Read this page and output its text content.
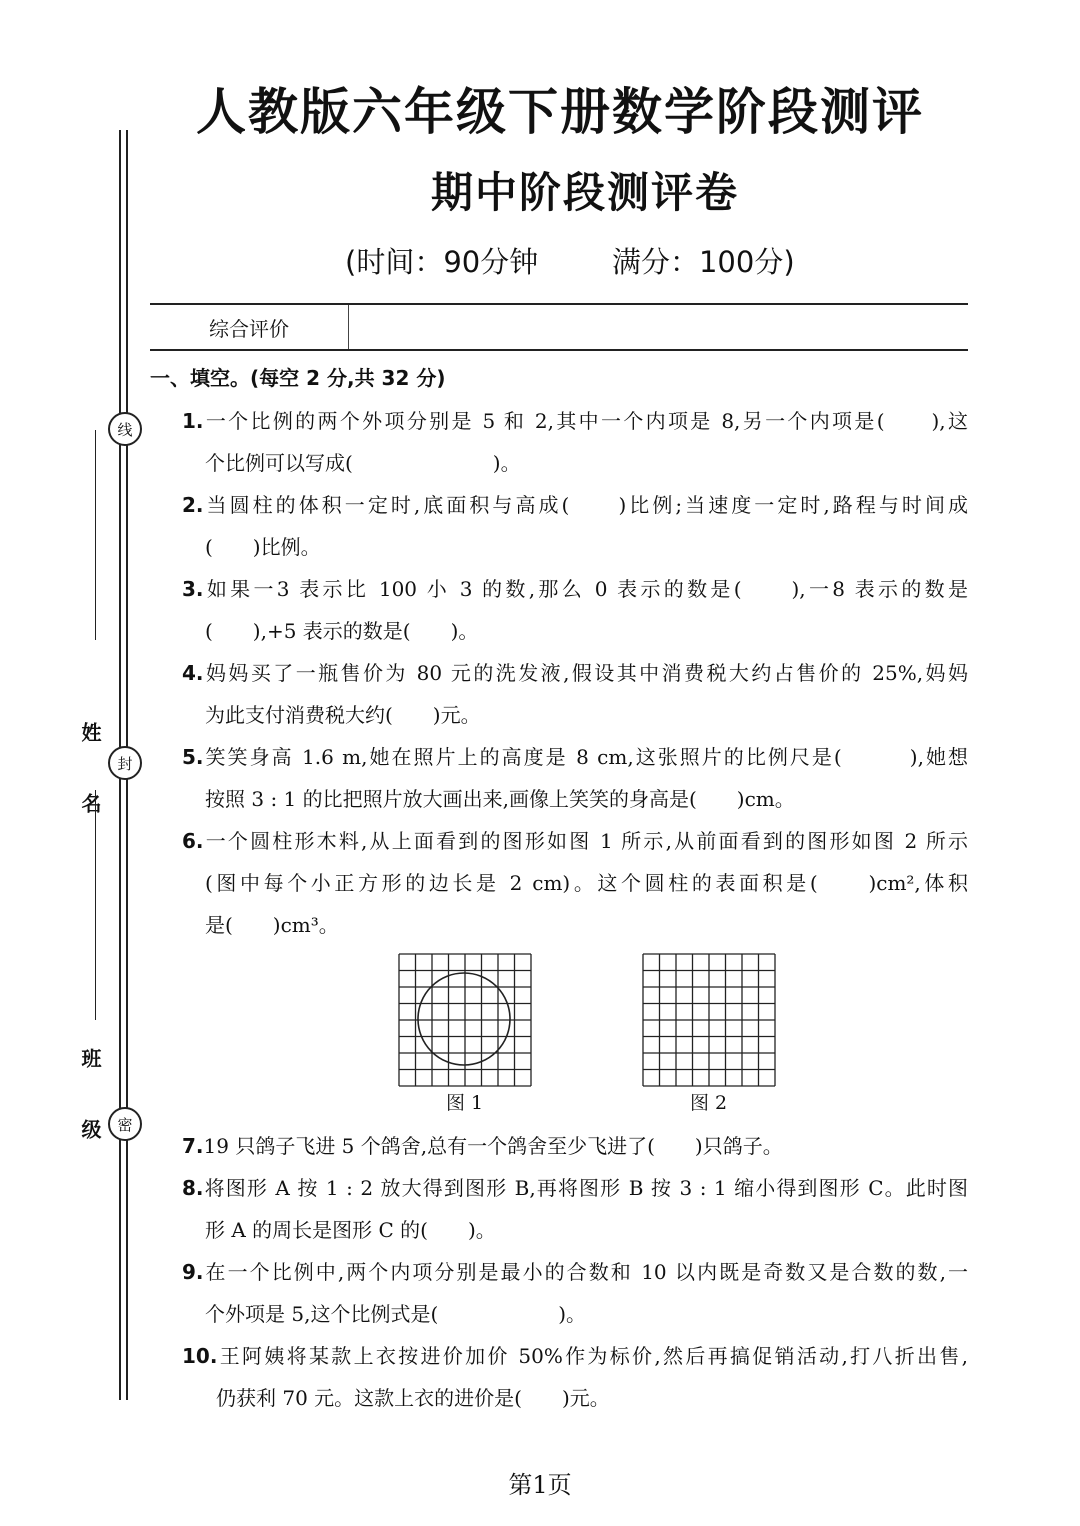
线
封
密
姓 名
班 级
人教版六年级下册数学阶段测评
期中阶段测评卷
(时间：90分钟        满分：100分)
综合评价
一、填空。(每空 2 分,共 32 分)
1.一个比例的两个外项分别是 5 和 2,其中一个内项是 8,另一个内项是(　　),这
个比例可以写成(　　　　　　　)。
2.当圆柱的体积一定时,底面积与高成(　　)比例;当速度一定时,路程与时间成
(　　)比例。
3.如果一3 表示比 100 小 3 的数,那么 0 表示的数是(　　),一8 表示的数是
(　　),+5 表示的数是(　　)。
4.妈妈买了一瓶售价为 80 元的洗发液,假设其中消费税大约占售价的 25%,妈妈
为此支付消费税大约(　　)元。
5.笑笑身高 1.6 m,她在照片上的高度是 8 cm,这张照片的比例尺是(　　　),她想
按照 3 : 1 的比把照片放大画出来,画像上笑笑的身高是(　　)cm。
6.一个圆柱形木料,从上面看到的图形如图 1 所示,从前面看到的图形如图 2 所示
(图中每个小正方形的边长是 2 cm)。这个圆柱的表面积是(　　)cm²,体积
是(　　)cm³。
图 1	图 2
7.19 只鸽子飞进 5 个鸽舍,总有一个鸽舍至少飞进了(　　)只鸽子。
8.将图形 A 按 1 : 2 放大得到图形 B,再将图形 B 按 3 : 1 缩小得到图形 C。此时图
形 A 的周长是图形 C 的(　　)。
9.在一个比例中,两个内项分别是最小的合数和 10 以内既是奇数又是合数的数,一
个外项是 5,这个比例式是(　　　　　　)。
10.王阿姨将某款上衣按进价加价 50%作为标价,然后再搞促销活动,打八折出售,
仍获利 70 元。这款上衣的进价是(　　)元。
第1页
